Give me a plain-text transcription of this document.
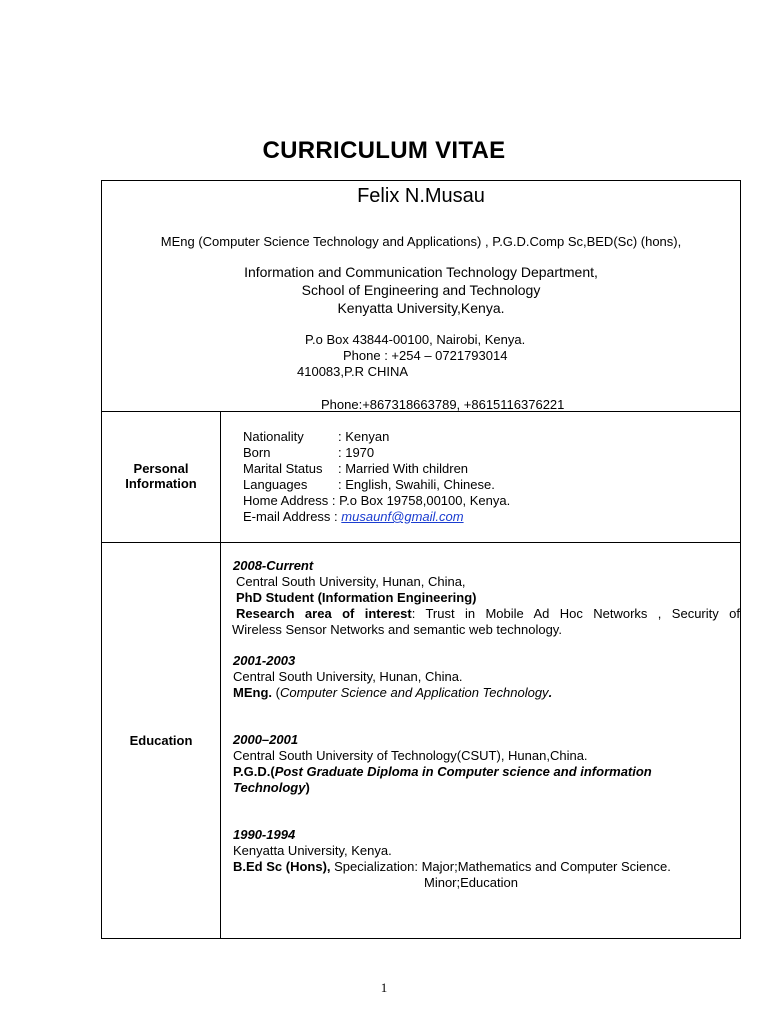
CURRICULUM VITAE
Felix N.Musau
MEng (Computer Science Technology and Applications) , P.G.D.Comp Sc,BED(Sc) (hons),
Information and Communication Technology Department,
School of Engineering and Technology
Kenyatta University,Kenya.
P.o Box 43844-00100, Nairobi, Kenya.
Phone : +254 – 0721793014
410083,P.R CHINA
Phone:+867318663789, +8615116376221
Personal Information
Nationality	: Kenyan
Born	: 1970
Marital Status : Married With children
Languages : English, Swahili, Chinese.
Home Address : P.o Box 19758,00100, Kenya.
E-mail Address : musaunf@gmail.com
Education
2008-Current
Central South University, Hunan, China,
PhD Student (Information Engineering)
Research area of interest: Trust in Mobile Ad Hoc Networks , Security of
Wireless Sensor Networks and semantic web technology.
2001-2003
Central South University, Hunan, China.
MEng. (Computer Science and Application Technology.
2000–2001
Central South University of Technology(CSUT), Hunan,China.
P.G.D.(Post Graduate Diploma in Computer science and information
Technology)
1990-1994
Kenyatta University, Kenya.
B.Ed Sc (Hons), Specialization: Major;Mathematics and Computer Science.
Minor;Education
1
